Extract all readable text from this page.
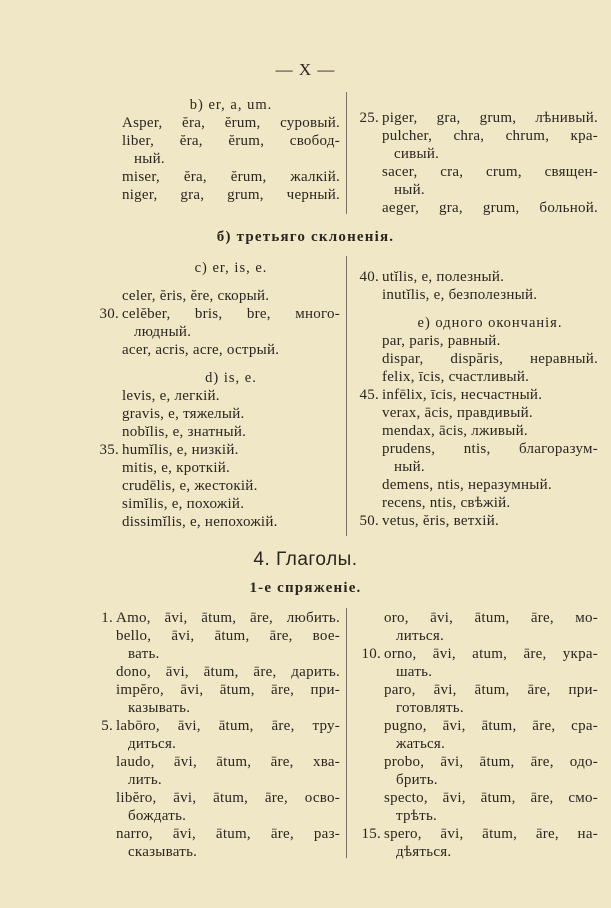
— X —
b) er, a, um.
Asper, ĕra, ĕrum, суровый.
liber, ĕra, ĕrum, свобод-
ный.
miser, ĕra, ĕrum, жалкій.
niger, gra, grum, черный.
25. piger, gra, grum, лѣнивый.
pulcher, chra, chrum, кра-
сивый.
sacer, cra, crum, священ-
ный.
aeger, gra, grum, больной.
б) третьяго склоненія.
c) er, is, e.
celer, ĕris, ĕre, скорый.
30. celĕber, bris, bre, много-
людный.
acer, acris, acre, острый.
d) is, e.
levis, e, легкій.
gravis, e, тяжелый.
nobĭlis, e, знатный.
35. humĭlis, e, низкій.
mitis, e, кроткій.
crudēlis, e, жестокій.
simĭlis, e, похожій.
dissimĭlis, e, непохожій.
40. utĭlis, e, полезный.
inutĭlis, e, безполезный.
e) одного окончанія.
par, paris, равный.
dispar, dispăris, неравный.
felix, īcis, счастливый.
45. infēlix, īcis, несчастный.
verax, ācis, правдивый.
mendax, ācis, лживый.
prudens, ntis, благоразум-
ный.
demens, ntis, неразумный.
recens, ntis, свѣжій.
50. vetus, ĕris, ветхій.
4. Глаголы.
1-е спряженіе.
1. Amo, āvi, ātum, āre, любить.
bello, āvi, ātum, āre, вое-
вать.
dono, āvi, ātum, āre, дарить.
impĕro, āvi, ātum, āre, при-
казывать.
5. labōro, āvi, ātum, āre, тру-
диться.
laudo, āvi, ātum, āre, хва-
лить.
libĕro, āvi, ātum, āre, осво-
бождать.
narro, āvi, ātum, āre, раз-
сказывать.
oro, āvi, ātum, āre, мо-
литься.
10. orno, āvi, atum, āre, укра-
шать.
paro, āvi, ātum, āre, при-
готовлять.
pugno, āvi, ātum, āre, сра-
жаться.
probo, āvi, ātum, āre, одо-
брить.
specto, āvi, ātum, āre, смо-
трѣть.
15. spero, āvi, ātum, āre, на-
дѣяться.
